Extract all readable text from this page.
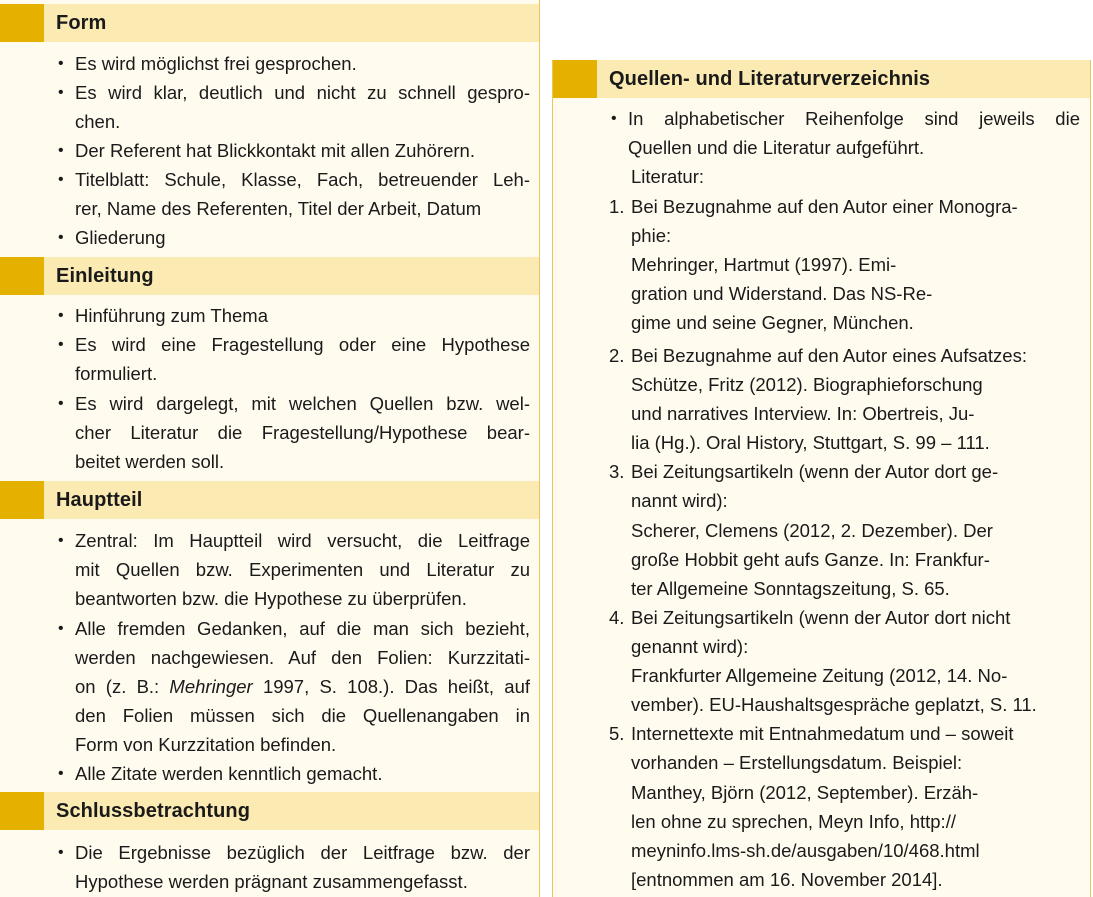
Form
• Es wird möglichst frei gesprochen.
• Es wird klar, deutlich und nicht zu schnell gespro-
chen.
• Der Referent hat Blickkontakt mit allen Zuhörern.
• Titelblatt: Schule, Klasse, Fach, betreuender Leh-
rer, Name des Referenten, Titel der Arbeit, Datum
• Gliederung
Einleitung
• Hinführung zum Thema
• Es wird eine Fragestellung oder eine Hypothese
formuliert.
• Es wird dargelegt, mit welchen Quellen bzw. wel-
cher Literatur die Fragestellung/Hypothese bear-
beitet werden soll.
Hauptteil
• Zentral: Im Hauptteil wird versucht, die Leitfrage
mit Quellen bzw. Experimenten und Literatur zu
beantworten bzw. die Hypothese zu überprüfen.
• Alle fremden Gedanken, auf die man sich bezieht,
werden nachgewiesen. Auf den Folien: Kurzzitati-
on (z. B.: Mehringer 1997, S. 108.). Das heißt, auf
den Folien müssen sich die Quellenangaben in
Form von Kurzzitation befinden.
• Alle Zitate werden kenntlich gemacht.
Schlussbetrachtung
• Die Ergebnisse bezüglich der Leitfrage bzw. der
Hypothese werden prägnant zusammengefasst.
Quellen- und Literaturverzeichnis
• In alphabetischer Reihenfolge sind jeweils die
Quellen und die Literatur aufgeführt.
Literatur:
1. Bei Bezugnahme auf den Autor einer Monogra-
phie:
Mehringer, Hartmut (1997). Emi-
gration und Widerstand. Das NS-Re-
gime und seine Gegner, München.
2. Bei Bezugnahme auf den Autor eines Aufsatzes:
Schütze, Fritz (2012). Biographieforschung
und narratives Interview. In: Obertreis, Ju-
lia (Hg.). Oral History, Stuttgart, S. 99 – 111.
3. Bei Zeitungsartikeln (wenn der Autor dort ge-
nannt wird):
Scherer, Clemens (2012, 2. Dezember). Der
große Hobbit geht aufs Ganze. In: Frankfur-
ter Allgemeine Sonntagszeitung, S. 65.
4. Bei Zeitungsartikeln (wenn der Autor dort nicht
genannt wird):
Frankfurter Allgemeine Zeitung (2012, 14. No-
vember). EU-Haushaltsgespräche geplatzt, S. 11.
5. Internettexte mit Entnahmedatum und – soweit
vorhanden – Erstellungsdatum. Beispiel:
Manthey, Björn (2012, September). Erzäh-
len ohne zu sprechen, Meyn Info, http://
meyninfo.lms-sh.de/ausgaben/10/468.html
[entnommen am 16. November 2014].
